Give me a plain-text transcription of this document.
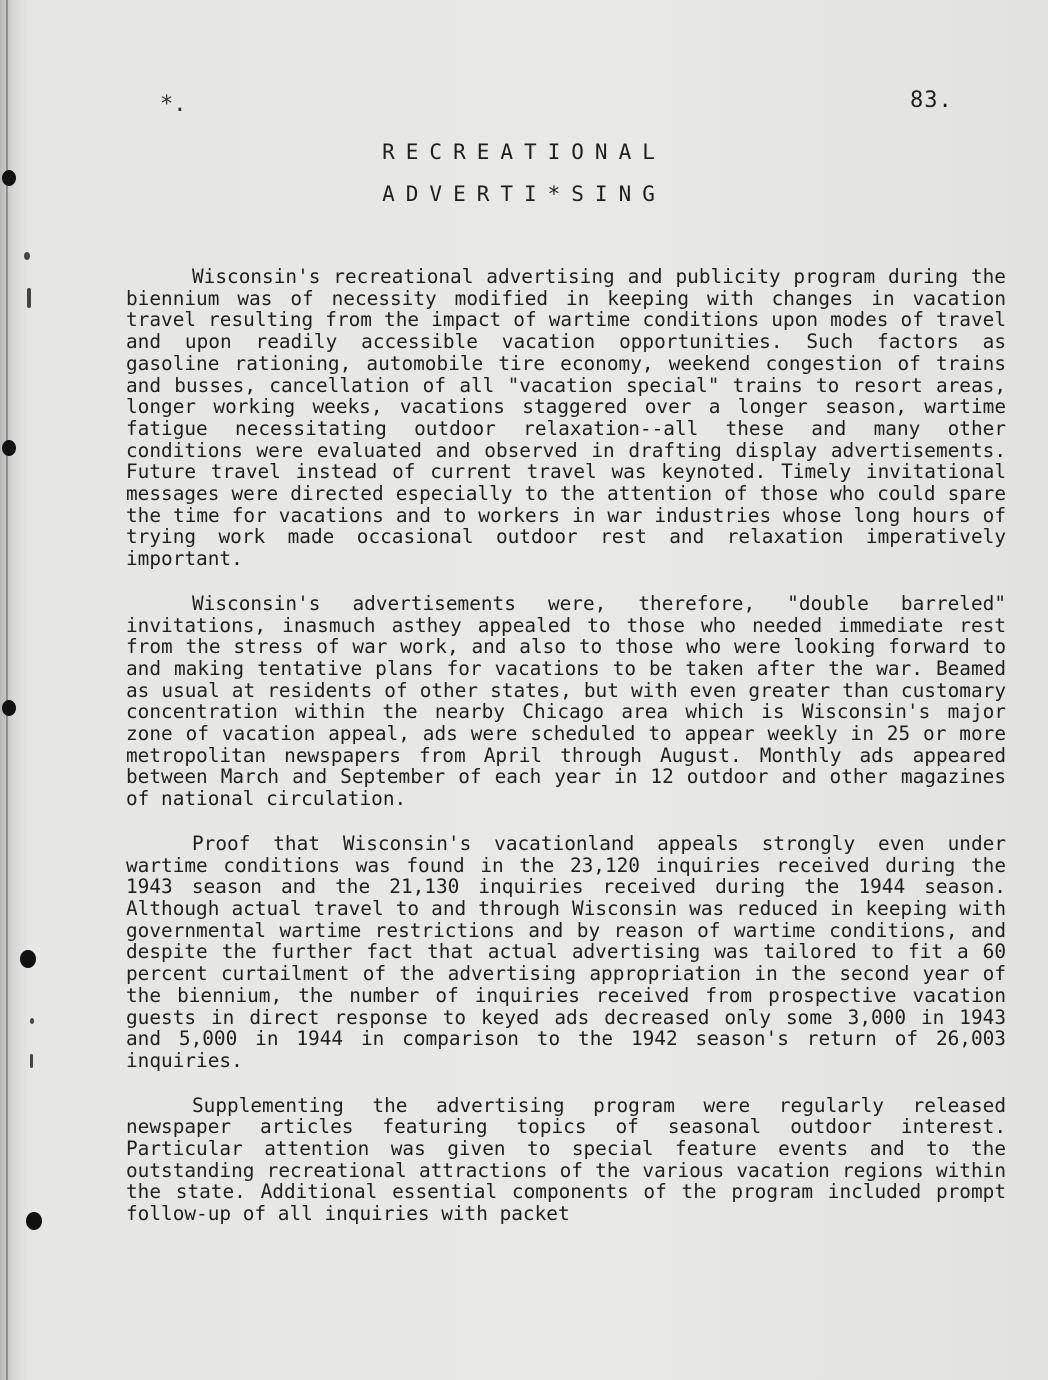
*.	83.
RECREATIONAL
ADVERTI*SING

Wisconsin's recreational advertising and publicity program during the biennium was of necessity modified in keeping with changes in vacation travel resulting from the impact of wartime conditions upon modes of travel and upon readily accessible vacation opportunities. Such factors as gasoline rationing, automobile tire economy, weekend congestion of trains and busses, cancellation of all "vacation special" trains to resort areas, longer working weeks, vacations staggered over a longer season, wartime fatigue necessitating outdoor relaxation--all these and many other conditions were evaluated and observed in drafting display advertisements. Future travel instead of current travel was keynoted. Timely invitational messages were directed especially to the attention of those who could spare the time for vacations and to workers in war industries whose long hours of trying work made occasional outdoor rest and relaxation imperatively important.

Wisconsin's advertisements were, therefore, "double barreled" invitations, inasmuch asthey appealed to those who needed immediate rest from the stress of war work, and also to those who were looking forward to and making tentative plans for vacations to be taken after the war. Beamed as usual at residents of other states, but with even greater than customary concentration within the nearby Chicago area which is Wisconsin's major zone of vacation appeal, ads were scheduled to appear weekly in 25 or more metropolitan newspapers from April through August. Monthly ads appeared between March and September of each year in 12 outdoor and other magazines of national circulation.

Proof that Wisconsin's vacationland appeals strongly even under wartime conditions was found in the 23,120 inquiries received during the 1943 season and the 21,130 inquiries received during the 1944 season. Although actual travel to and through Wisconsin was reduced in keeping with governmental wartime restrictions and by reason of wartime conditions, and despite the further fact that actual advertising was tailored to fit a 60 percent curtailment of the advertising appropriation in the second year of the biennium, the number of inquiries received from prospective vacation guests in direct response to keyed ads decreased only some 3,000 in 1943 and 5,000 in 1944 in comparison to the 1942 season's return of 26,003 inquiries.

Supplementing the advertising program were regularly released newspaper articles featuring topics of seasonal outdoor interest. Particular attention was given to special feature events and to the outstanding recreational attractions of the various vacation regions within the state. Additional essential components of the program included prompt follow-up of all inquiries with packet
